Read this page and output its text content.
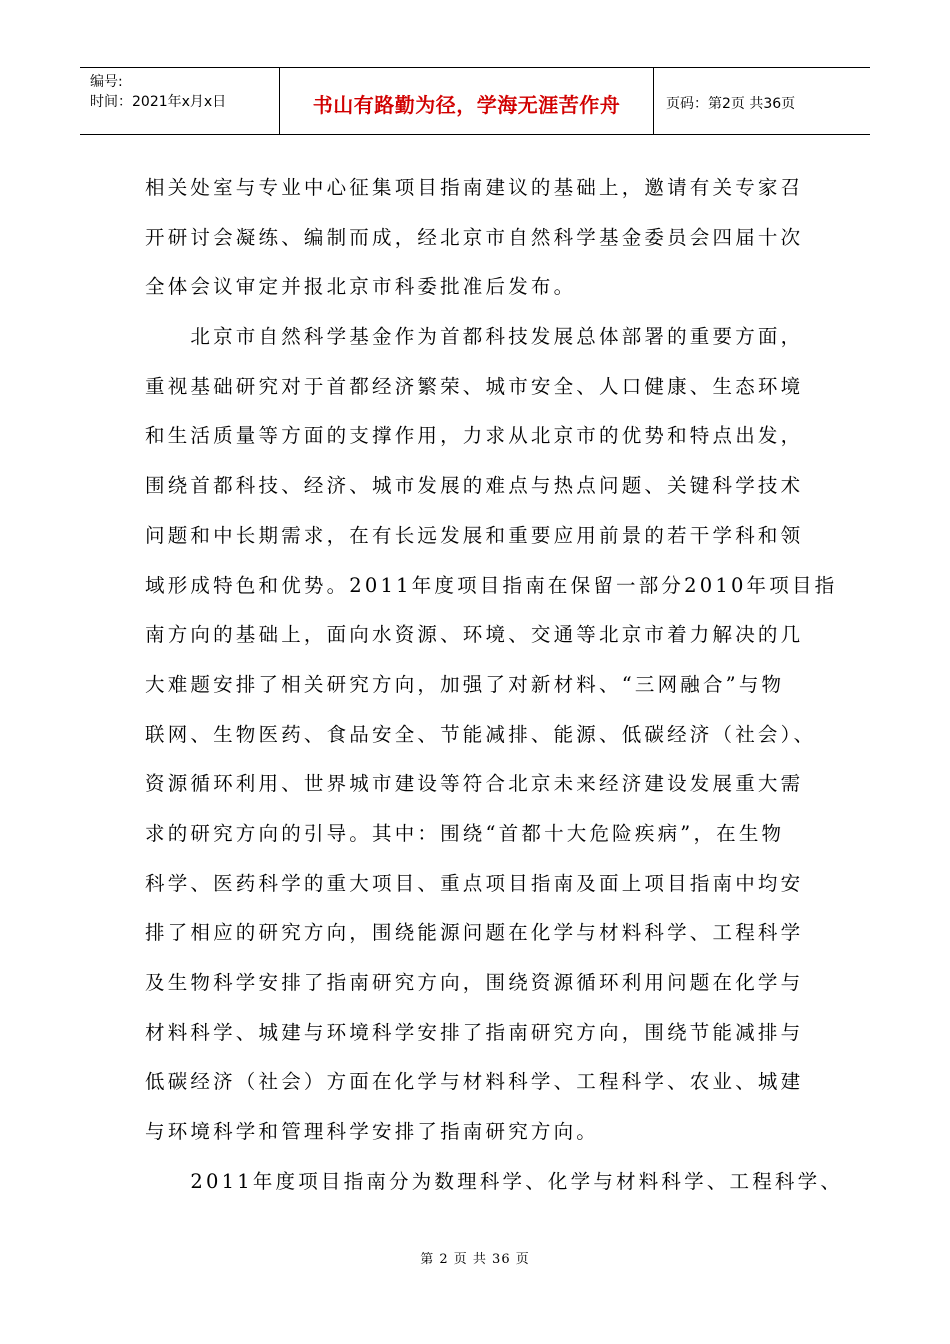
编号:
时间：2021年x月x日	书山有路勤为径，学海无涯苦作舟	页码：第2页 共36页
相关处室与专业中心征集项目指南建议的基础上，邀请有关专家召
开研讨会凝练、编制而成，经北京市自然科学基金委员会四届十次
全体会议审定并报北京市科委批准后发布。
　　北京市自然科学基金作为首都科技发展总体部署的重要方面，
重视基础研究对于首都经济繁荣、城市安全、人口健康、生态环境
和生活质量等方面的支撑作用，力求从北京市的优势和特点出发，
围绕首都科技、经济、城市发展的难点与热点问题、关键科学技术
问题和中长期需求，在有长远发展和重要应用前景的若干学科和领
域形成特色和优势。2011年度项目指南在保留一部分2010年项目指
南方向的基础上，面向水资源、环境、交通等北京市着力解决的几
大难题安排了相关研究方向，加强了对新材料、“三网融合”与物
联网、生物医药、食品安全、节能减排、能源、低碳经济（社会）、
资源循环利用、世界城市建设等符合北京未来经济建设发展重大需
求的研究方向的引导。其中：围绕“首都十大危险疾病”，在生物
科学、医药科学的重大项目、重点项目指南及面上项目指南中均安
排了相应的研究方向，围绕能源问题在化学与材料科学、工程科学
及生物科学安排了指南研究方向，围绕资源循环利用问题在化学与
材料科学、城建与环境科学安排了指南研究方向，围绕节能减排与
低碳经济（社会）方面在化学与材料科学、工程科学、农业、城建
与环境科学和管理科学安排了指南研究方向。
　　2011年度项目指南分为数理科学、化学与材料科学、工程科学、
第 2 页 共 36 页
